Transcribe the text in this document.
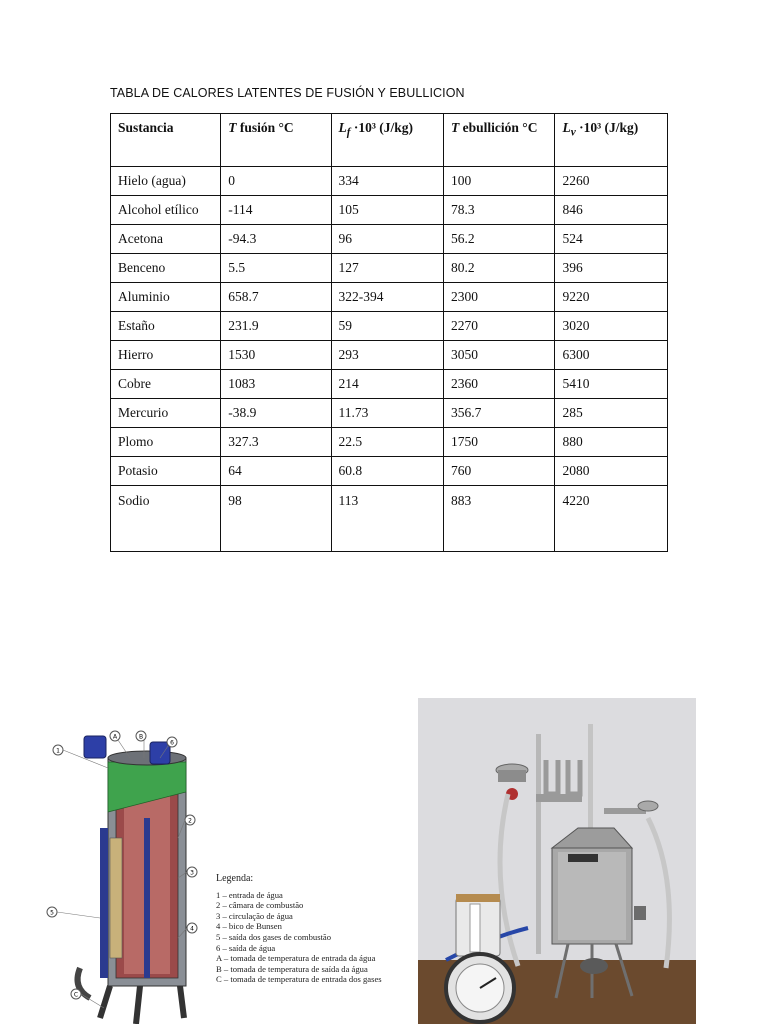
TABLA DE CALORES LATENTES DE FUSIÓN Y EBULLICION
Sustancia	T fusión °C	$L_f \cdot 10^3$ (J/kg)	T ebullición °C	$L_v \cdot 10^3$ (J/kg)
Hielo (agua)	0	334	100	2260
Alcohol etílico	-114	105	78.3	846
Acetona	-94.3	96	56.2	524
Benceno	5.5	127	80.2	396
Aluminio	658.7	322-394	2300	9220
Estaño	231.9	59	2270	3020
Hierro	1530	293	3050	6300
Cobre	1083	214	2360	5410
Mercurio	-38.9	11.73	356.7	285
Plomo	327.3	22.5	1750	880
Potasio	64	60.8	760	2080
Sodio	98	113	883	4220
1
A	B
6
2
3
5
4
C
Legenda:
1 – entrada de água
2 – câmara de combustão
3 – circulação de água
4 – bico de Bunsen
5 – saída dos gases de combustão
6 – saída de água
A – tomada de temperatura de entrada da água
B – tomada de temperatura de saída da água
C – tomada de temperatura de entrada dos gases
